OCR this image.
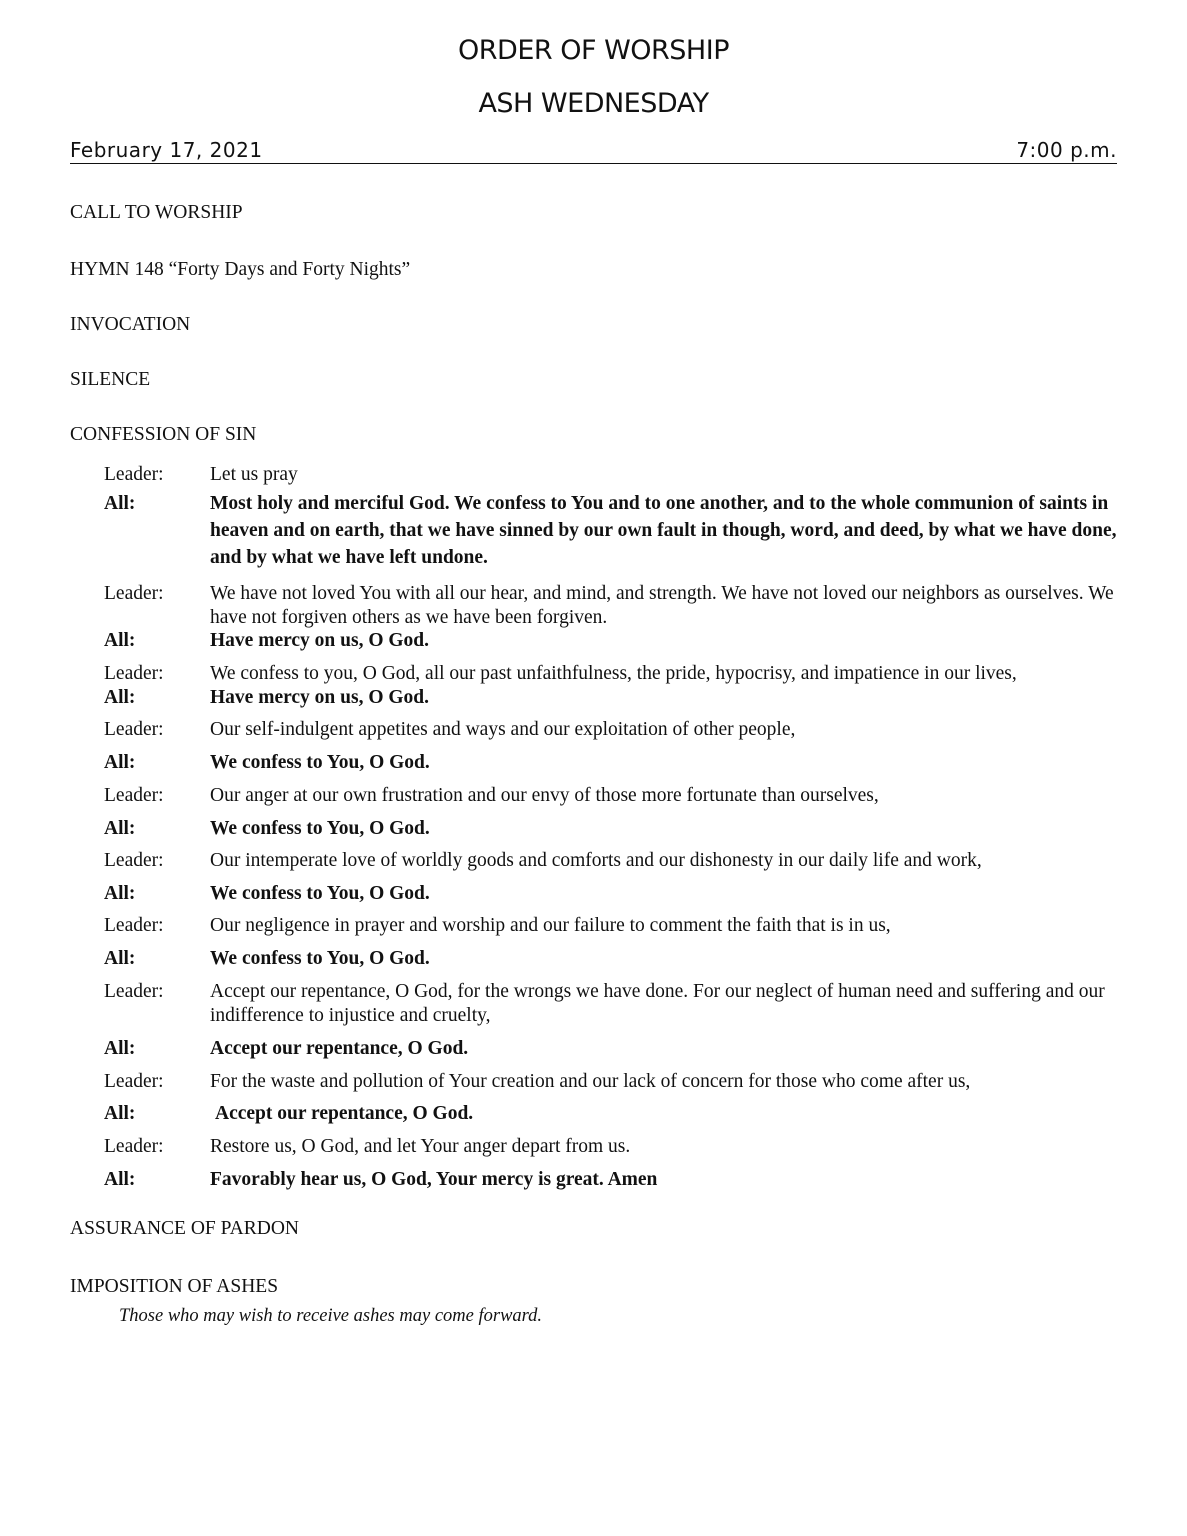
ORDER OF WORSHIP
ASH WEDNESDAY
February 17, 2021	7:00 p.m.
CALL TO WORSHIP
HYMN 148 “Forty Days and Forty Nights”
INVOCATION
SILENCE
CONFESSION OF SIN
Leader:	Let us pray
All:	Most holy and merciful God. We confess to You and to one another, and to the whole communion of saints in heaven and on earth, that we have sinned by our own fault in though, word, and deed, by what we have done, and by what we have left undone.
Leader:	We have not loved You with all our hear, and mind, and strength. We have not loved our neighbors as ourselves. We have not forgiven others as we have been forgiven.
All:	Have mercy on us, O God.
Leader:	We confess to you, O God, all our past unfaithfulness, the pride, hypocrisy, and impatience in our lives,
All:	Have mercy on us, O God.
Leader:	Our self-indulgent appetites and ways and our exploitation of other people,
All:	We confess to You, O God.
Leader:	Our anger at our own frustration and our envy of those more fortunate than ourselves,
All:	We confess to You, O God.
Leader:	Our intemperate love of worldly goods and comforts and our dishonesty in our daily life and work,
All:	We confess to You, O God.
Leader:	Our negligence in prayer and worship and our failure to comment the faith that is in us,
All:	We confess to You, O God.
Leader:	Accept our repentance, O God, for the wrongs we have done. For our neglect of human need and suffering and our indifference to injustice and cruelty,
All:	Accept our repentance, O God.
Leader:	For the waste and pollution of Your creation and our lack of concern for those who come after us,
All:	Accept our repentance, O God.
Leader:	Restore us, O God, and let Your anger depart from us.
All:	Favorably hear us, O God, Your mercy is great. Amen
ASSURANCE OF PARDON
IMPOSITION OF ASHES
Those who may wish to receive ashes may come forward.
